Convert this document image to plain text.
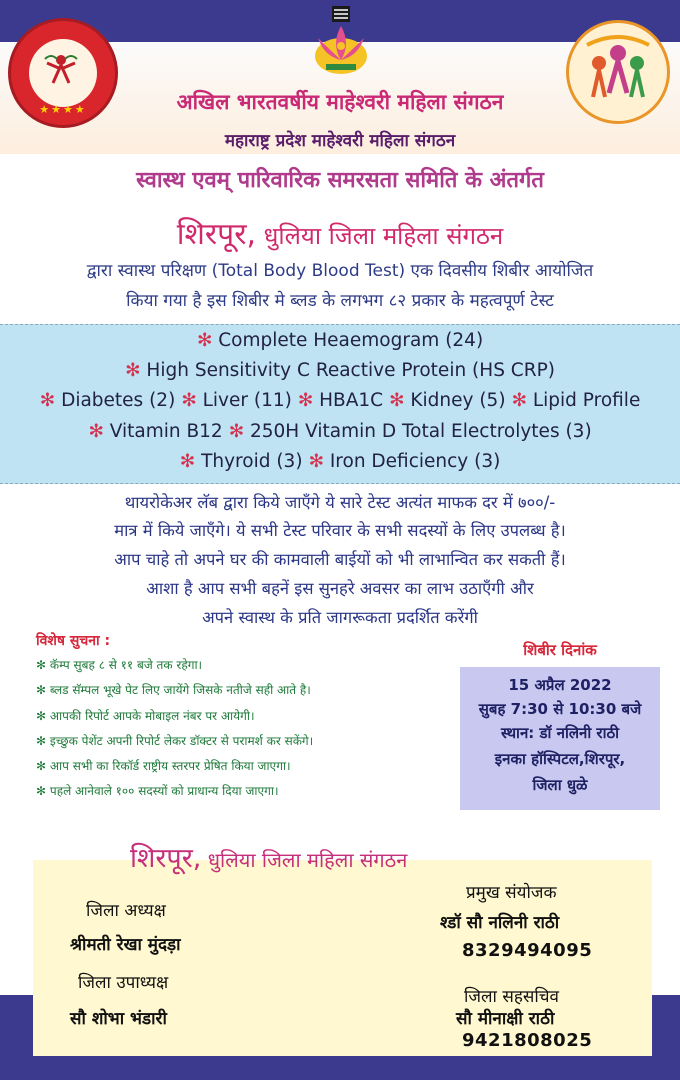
★★★★	अखिल भारतवर्षीय माहेश्वरी महिला संगठन
महाराष्ट्र प्रदेश माहेश्वरी महिला संगठन
स्वास्थ एवम् पारिवारिक समरसता समिति के अंतर्गत
शिरपूर, धुलिया जिला महिला संगठन
द्वारा स्वास्थ परिक्षण (Total Body Blood Test) एक दिवसीय शिबीर आयोजित
किया गया है इस शिबीर मे ब्लड के लगभग ८२ प्रकार के महत्वपूर्ण टेस्ट
✻ Complete Heaemogram (24)
✻ High Sensitivity C Reactive Protein (HS CRP)
✻ Diabetes (2) ✻ Liver (11) ✻ HBA1C ✻ Kidney (5) ✻ Lipid Profile
✻ Vitamin B12 ✻ 250H Vitamin D Total Electrolytes (3)
✻ Thyroid (3) ✻ Iron Deficiency (3)
थायरोकेअर लॅब द्वारा किये जाऍंगे ये सारे टेस्ट अत्यंत माफक दर में ७००/-
मात्र में किये जाऍंगे। ये सभी टेस्ट परिवार के सभी सदस्यों के लिए उपलब्ध है।
आप चाहे तो अपने घर की कामवाली बाईयों को भी लाभान्वित कर सकती हैं।
आशा है आप सभी बहनें इस सुनहरे अवसर का लाभ उठाऍंगी और
अपने स्वास्थ के प्रति जागरूकता प्रदर्शित करेंगी
विशेष सुचना :
✻ कॅम्प सुबह ८ से ११ बजे तक रहेगा।
✻ ब्लड सॅम्पल भूखे पेट लिए जायेंगे जिसके नतीजे सही आते है।
✻ आपकी रिपोर्ट आपके मोबाइल नंबर पर आयेगी।
✻ इच्छुक पेशेंट अपनी रिपोर्ट लेकर डॉक्टर से परामर्श कर सकेंगे।
✻ आप सभी का रिकॉर्ड राष्ट्रीय स्तरपर प्रेषित किया जाएगा।
✻ पहले आनेवाले १०० सदस्यों को प्राधान्य दिया जाएगा।
शिबीर दिनांक
15 अप्रैल 2022
सुबह 7:30 से 10:30 बजे
स्थान: डॉ नलिनी राठी
इनका हॉस्पिटल,शिरपूर,
जिला धुळे
शिरपूर, धुलिया जिला महिला संगठन
जिला अध्यक्ष
श्रीमती रेखा मुंदड़ा
जिला उपाध्यक्ष
सौ शोभा भंडारी
प्रमुख संयोजक
श्डॉ सौ नलिनी राठी
8329494095
जिला सहसचिव
सौ मीनाक्षी राठी
9421808025
